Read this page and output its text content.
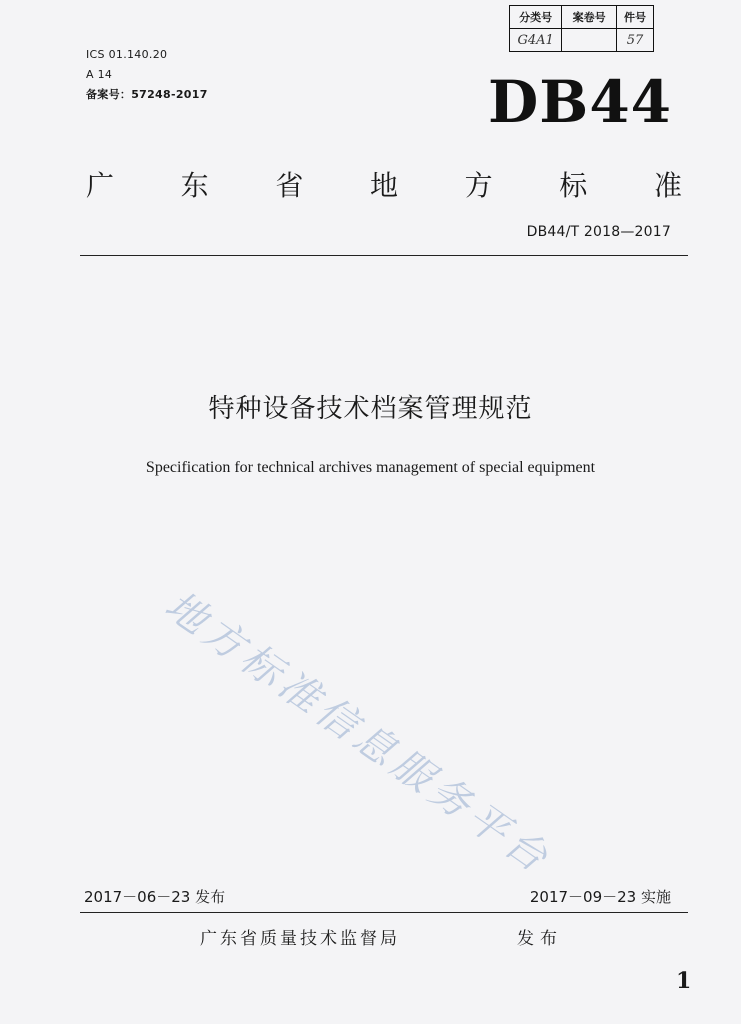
ICS 01.140.20
A 14
备案号：57248-2017
分类号	案卷号	件号
G4A1		57
DB44
广 东 省 地 方 标 准
DB44/T 2018—2017
特种设备技术档案管理规范
Specification for technical archives management of special equipment
地方标准信息服务平台
2017－06－23 发布	2017－09－23 实施
广东省质量技术监督局	发布
1
